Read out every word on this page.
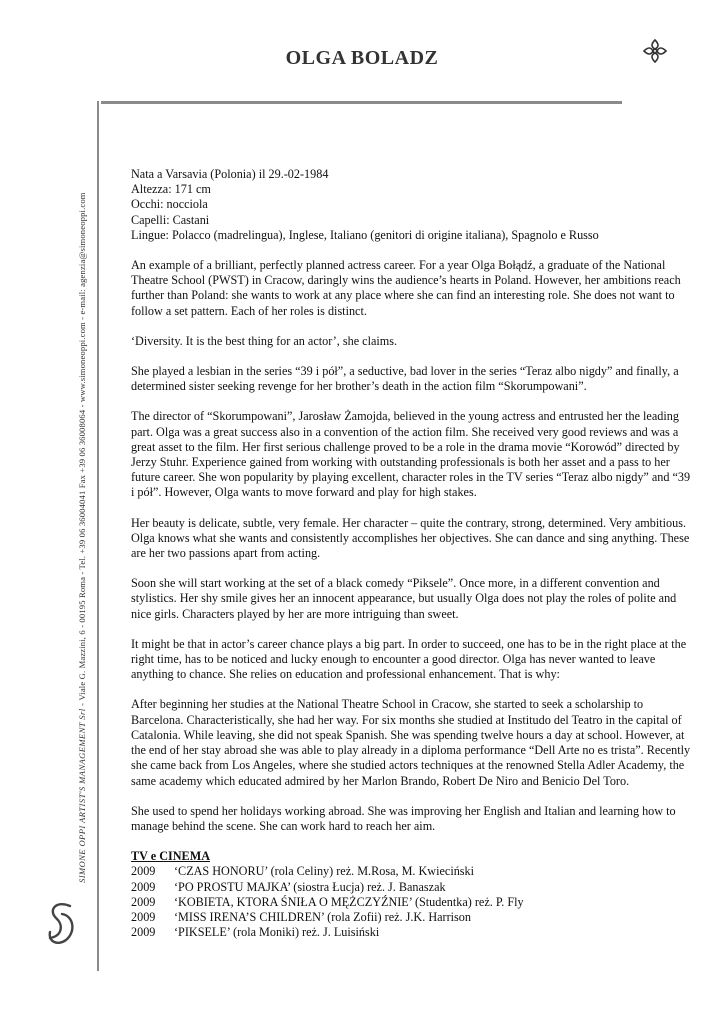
OLGA BOLADZ
SIMONE OPPI ARTIST'S MANAGEMENT Srl - Viale G. Mazzini, 6 - 00195 Roma - Tel. +39 06 36004041 Fax +39 06 36008064 - www.simoneoppi.com - e-mail: agenzia@simoneoppi.com
Nata a Varsavia (Polonia) il 29.-02-1984
Altezza: 171 cm
Occhi: nocciola
Capelli: Castani
Lingue: Polacco (madrelingua), Inglese, Italiano (genitori di origine italiana), Spagnolo e Russo

An example of a brilliant, perfectly planned actress career. For a year Olga Bołądź, a graduate of the National Theatre School (PWST) in Cracow, daringly wins the audience’s hearts in Poland. However, her ambitions reach further than Poland: she wants to work at any place where she can find an interesting role. She does not want to follow a set pattern. Each of her roles is distinct.

‘Diversity. It is the best thing for an actor’, she claims.

She played a lesbian in the series “39 i pół”, a seductive, bad lover in the series “Teraz albo nigdy” and finally, a determined sister seeking revenge for her brother’s death in the action film “Skorumpowani”.

The director of “Skorumpowani”, Jarosław Żamojda, believed in the young actress and entrusted her the leading part. Olga was a great success also in a convention of the action film. She received very good reviews and was a great asset to the film. Her first serious challenge proved to be a role in the drama movie “Korowód” directed by Jerzy Stuhr. Experience gained from working with outstanding professionals is both her asset and a pass to her future career. She won popularity by playing excellent, character roles in the TV series “Teraz albo nigdy” and “39 i pół”. However, Olga wants to move forward and play for high stakes.

Her beauty is delicate, subtle, very female. Her character – quite the contrary, strong, determined. Very ambitious. Olga knows what she wants and consistently accomplishes her objectives. She can dance and sing anything. These are her two passions apart from acting.

Soon she will start working at the set of a black comedy “Piksele”. Once more, in a different convention and stylistics. Her shy smile gives her an innocent appearance, but usually Olga does not play the roles of polite and nice girls. Characters played by her are more intriguing than sweet.

It might be that in actor’s career chance plays a big part. In order to succeed, one has to be in the right place at the right time, has to be noticed and lucky enough to encounter a good director. Olga has never wanted to leave anything to chance. She relies on education and professional enhancement. That is why:

After beginning her studies at the National Theatre School in Cracow, she started to seek a scholarship to Barcelona. Characteristically, she had her way. For six months she studied at Institudo del Teatro in the capital of Catalonia. While leaving, she did not speak Spanish. She was spending twelve hours a day at school. However, at the end of her stay abroad she was able to play already in a diploma performance “Dell Arte no es trista”. Recently she came back from Los Angeles, where she studied actors techniques at the renowned Stella Adler Academy, the same academy which educated admired by her Marlon Brando, Robert De Niro and Benicio Del Toro.

She used to spend her holidays working abroad. She was improving her English and Italian and learning how to manage behind the scene. She can work hard to reach her aim.

TV e CINEMA
2009	‘CZAS HONORU’ (rola Celiny) reż. M.Rosa, M. Kwieciński
2009	‘PO PROSTU MAJKA’ (siostra Łucja) reż. J. Banaszak
2009	‘KOBIETA, KTORA ŚNIŁA O MĘŻCZYŹNIE’ (Studentka) reż. P. Fly
2009	‘MISS IRENA’S CHILDREN’ (rola Zofii) reż. J.K. Harrison
2009	‘PIKSELE’ (rola Moniki) reż. J. Luisiński
